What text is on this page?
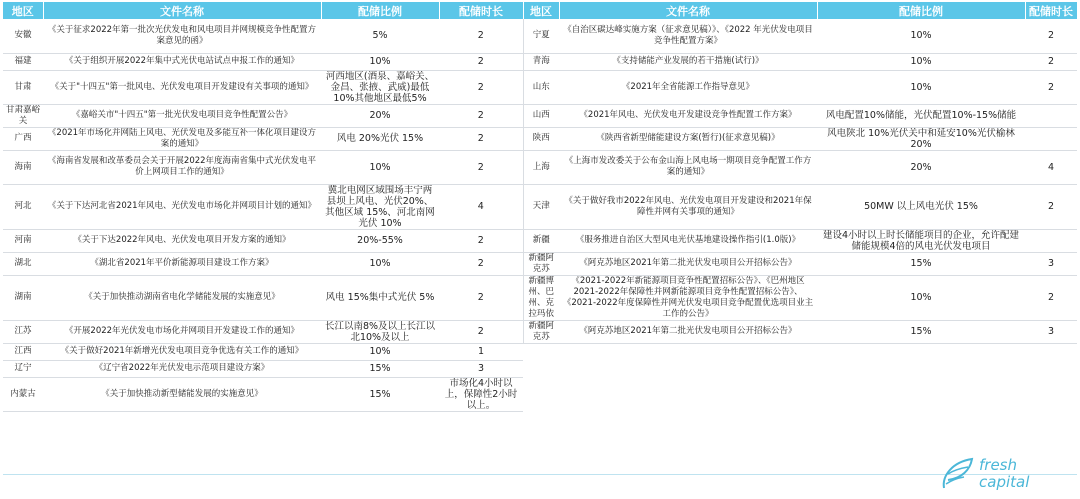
地区	文件名称	配储比例	配储时长	地区	文件名称	配储比例	配储时长
安徽	《关于征求2022年第一批次光伏发电和风电项目并网规模竞争性配置方案意见的函》	5%	2	宁夏	《自治区碳达峰实施方案（征求意见稿）》、《2022 年光伏发电项目竞争性配置方案》	10%	2
福建	《关于组织开展2022年集中式光伏电站试点申报工作的通知》	10%	2	青海	《支持储能产业发展的若干措施(试行)》	10%	2
甘肃	《关于"十四五"第一批风电、光伏发电项目开发建设有关事项的通知》	河西地区(酒泉、嘉峪关、金昌、张掖、武威)最低10%其他地区最低5%	2	山东	《2021年全省能源工作指导意见》	10%	2
甘肃嘉峪关	《嘉峪关市"十四五"第一批光伏发电项目竞争性配置公告》	20%	2	山西	《2021年风电、光伏发电开发建设竞争性配置工作方案》	风电配置10%储能，光伏配置10%-15%储能	
广西	《2021年市场化并网陆上风电、光伏发电及多能互补一体化项目建设方案的通知》	风电 20%光伏 15%	2	陕西	《陕西省新型储能建设方案(暂行)(征求意见稿)》	风电陕北 10%光伏关中和延安10%光伏榆林20%	
海南	《海南省发展和改革委员会关于开展2022年度海南省集中式光伏发电平价上网项目工作的通知》	10%	2	上海	《上海市发改委关于公布金山海上风电场一期项目竞争配置工作方案的通知》	20%	4
河北	《关于下达河北省2021年风电、光伏发电市场化并网项目计划的通知》	冀北电网区域围场丰宁两县坝上风电、光伏20%、其他区域 15%、河北南网光伏 10%	4	天津	《关于做好我市2022年风电、光伏发电项目开发建设和2021年保障性并网有关事项的通知》	50MW 以上风电光伏 15%	2
河南	《关于下达2022年风电、光伏发电项目开发方案的通知》	20%-55%	2	新疆	《服务推进自治区大型风电光伏基地建设操作指引(1.0版)》	建设4小时以上时长储能项目的企业，允许配建储能规模4倍的风电光伏发电项目	
湖北	《湖北省2021年平价新能源项目建设工作方案》	10%	2	新疆阿克苏	《阿克苏地区2021年第二批光伏发电项目公开招标公告》	15%	3
湖南	《关于加快推动湖南省电化学储能发展的实施意见》	风电 15%集中式光伏 5%	2	新疆博州、巴州、克拉玛依	《2021-2022年新能源项目竞争性配置招标公告》、《巴州地区2021-2022年保障性并网新能源项目竞争性配置招标公告》、《2021-2022年度保障性并网光伏发电项目竞争配置优选项目业主工作的公告》	10%	2
江苏	《开展2022年光伏发电市场化并网项目开发建设工作的通知》	长江以南8%及以上长江以北10%及以上	2	新疆阿克苏	《阿克苏地区2021年第二批光伏发电项目公开招标公告》	15%	3
江西	《关于做好2021年新增光伏发电项目竞争优选有关工作的通知》	10%	1				
辽宁	《辽宁省2022年光伏发电示范项目建设方案》	15%	3				
内蒙古	《关于加快推动新型储能发展的实施意见》	15%	市场化4小时以上，保障性2小时以上。				
fresh
capital
